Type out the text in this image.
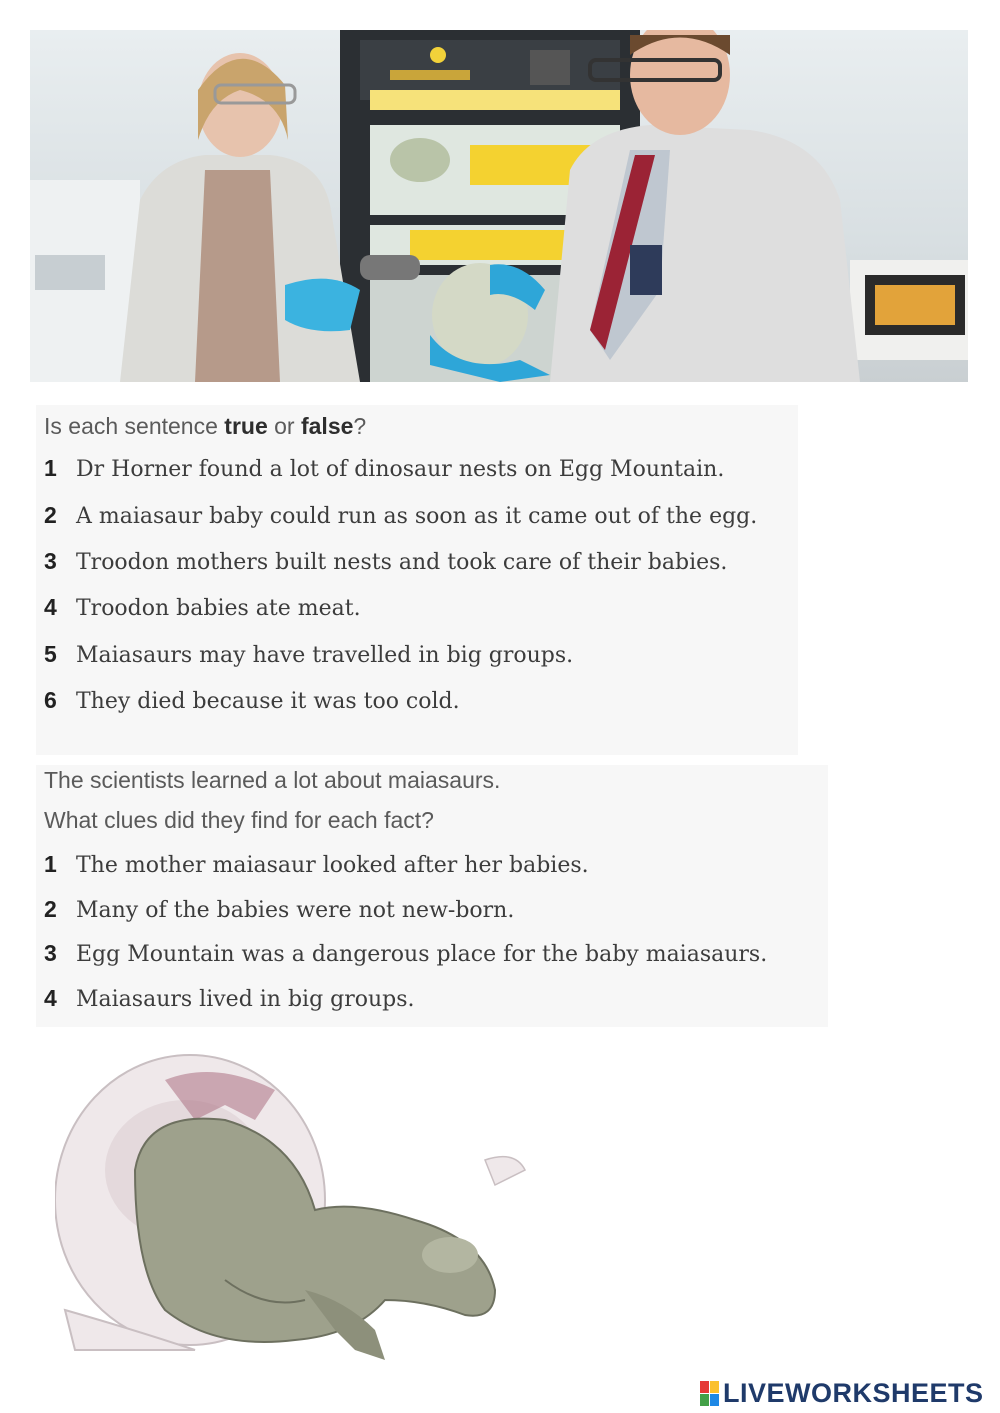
Is each sentence true or false?
1 Dr Horner found a lot of dinosaur nests on Egg Mountain.
2 A maiasaur baby could run as soon as it came out of the egg.
3 Troodon mothers built nests and took care of their babies.
4 Troodon babies ate meat.
5 Maiasaurs may have travelled in big groups.
6 They died because it was too cold.
The scientists learned a lot about maiasaurs.
What clues did they find for each fact?
1 The mother maiasaur looked after her babies.
2 Many of the babies were not new-born.
3 Egg Mountain was a dangerous place for the baby maiasaurs.
4 Maiasaurs lived in big groups.
LIVEWORKSHEETS
